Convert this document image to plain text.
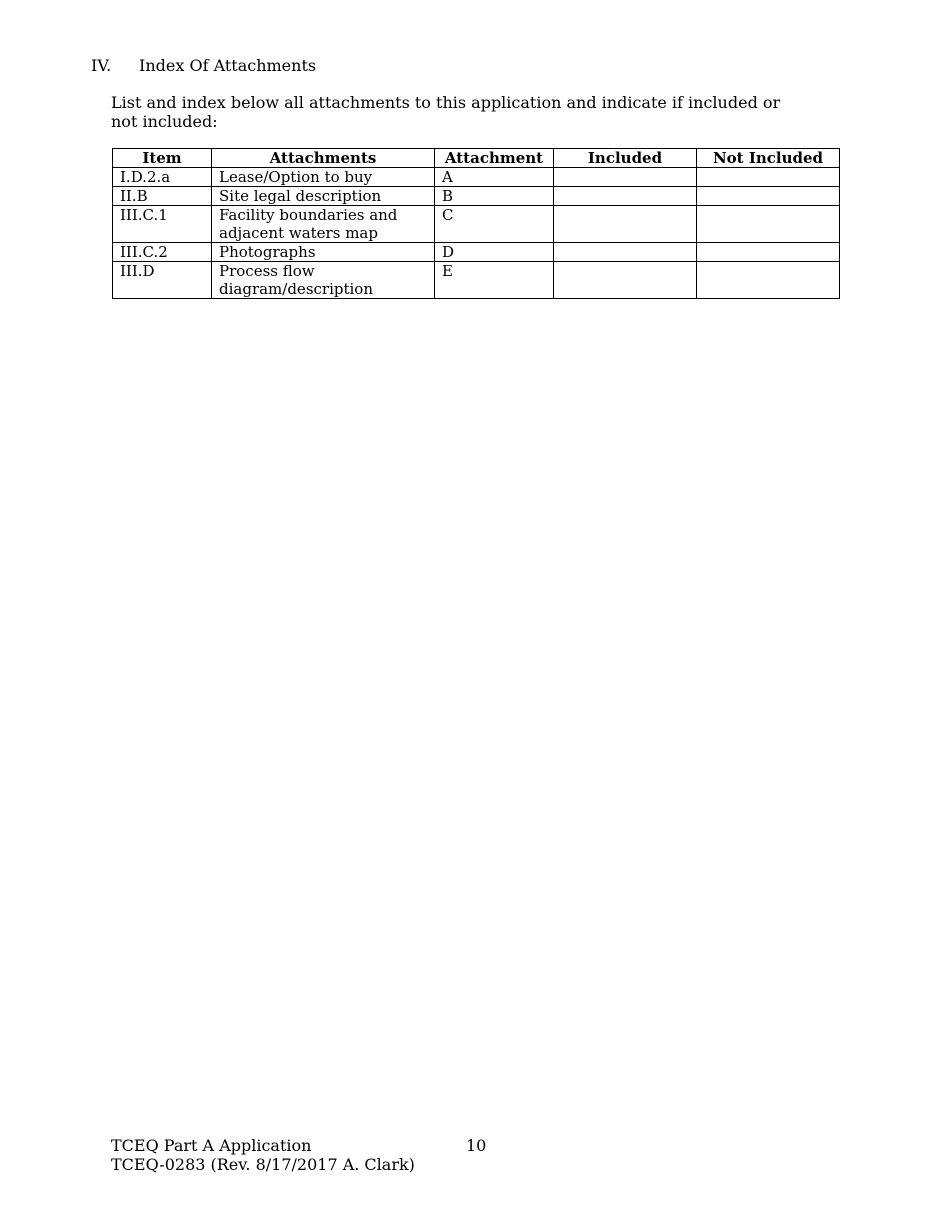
IV. Index Of Attachments
List and index below all attachments to this application and indicate if included or not included:
Item	Attachments	Attachment	Included	Not Included
I.D.2.a	Lease/Option to buy	A		
II.B	Site legal description	B		
III.C.1	Facility boundaries and adjacent waters map	C		
III.C.2	Photographs	D		
III.D	Process flow diagram/description	E		
TCEQ Part A Application
TCEQ-0283 (Rev. 8/17/2017 A. Clark)
10
